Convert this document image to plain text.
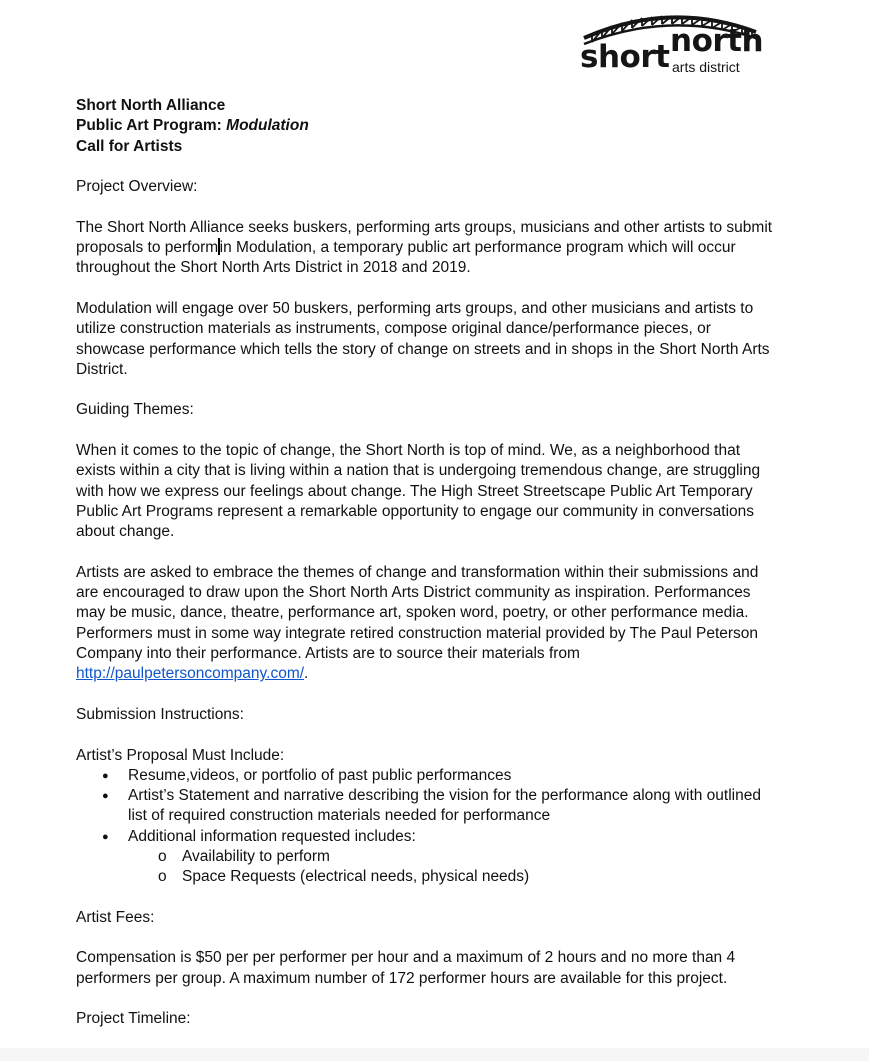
short north
arts district

Short North Alliance

Public Art Program: Modulation

Call for Artists

Project Overview:

The Short North Alliance seeks buskers, performing arts groups, musicians and other artists to submit proposals to performin Modulation, a temporary public art performance program which will occur throughout the Short North Arts District in 2018 and 2019.

Modulation will engage over 50 buskers, performing arts groups, and other musicians and artists to utilize construction materials as instruments, compose original dance/performance pieces, or showcase performance which tells the story of change on streets and in shops in the Short North Arts District.

Guiding Themes:

When it comes to the topic of change, the Short North is top of mind. We, as a neighborhood that exists within a city that is living within a nation that is undergoing tremendous change, are struggling with how we express our feelings about change. The High Street Streetscape Public Art Temporary Public Art Programs represent a remarkable opportunity to engage our community in conversations about change.

Artists are asked to embrace the themes of change and transformation within their submissions and are encouraged to draw upon the Short North Arts District community as inspiration. Performances may be music, dance, theatre, performance art, spoken word, poetry, or other performance media. Performers must in some way integrate retired construction material provided by The Paul Peterson Company into their performance. Artists are to source their materials from http://paulpetersoncompany.com/.

Submission Instructions:

Artist’s Proposal Must Include:

● Resume,videos, or portfolio of past public performances
● Artist’s Statement and narrative describing the vision for the performance along with outlined list of required construction materials needed for performance
● Additional information requested includes:
o Availability to perform
o Space Requests (electrical needs, physical needs)

Artist Fees:

Compensation is $50 per per performer per hour and a maximum of 2 hours and no more than 4 performers per group. A maximum number of 172 performer hours are available for this project.

Project Timeline:
